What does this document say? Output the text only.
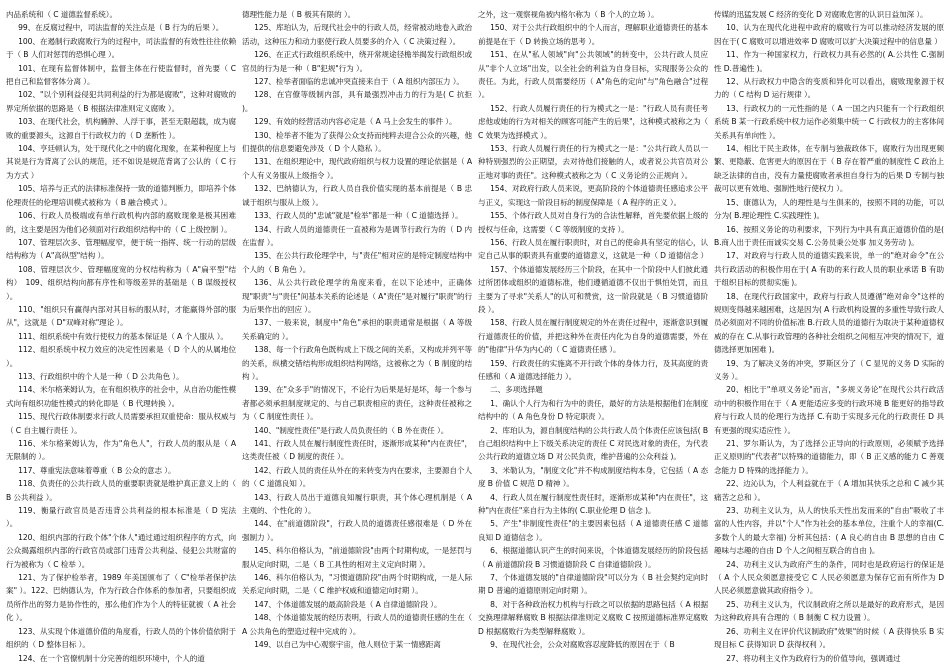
内品系统和（ C 道德监督系统）。

99、在反腐过程中，司法监督的关注点是（ B 行为的后果 ）。

100、在遏制行政腐败行为的过程中，司法监督的有效性往往依赖于（ B 人们对惩罚的恐惧心理 ）。

101、在现有监督体制中，监督主体在行使监督时，首先要（ C 把自己和监督客体分离 ）。

102、"以个别利益侵犯共同利益的行为都是腐败"，这种对腐败的界定所依据的思路是（ B 根据法律准则定义腐败 ）。

103、在现代社会，机构臃肿、人浮于事，甚至无限超载，成为腐败的重要源头，这源自于行政权力的（ D 垄断性 ）。

104、亨廷顿认为，处于现代化之中的腐化现象，在某种程度上与其说是行为背离了公认的规范，还不如说是规范背离了公认的（ C 行为方式 ）

105、培养与正式的法律标准保持一致的道德判断力，即培养个体伦理责任的伦理培训模式被称为（ B 融合模式 ）。

106、行政人员极端或有单行政机构内部的腐败现象是极其困难的，这主要是因为他们必须面对行政组织结构中的（ C 上级控制 ）。

107、管理层次多、管理幅度窄，便于统一指挥、统一行动的层级结构称为（ A"高纵型"结构 ）。

108、管理层次少、管理幅度宽的分权结构称为（ A"扁平型"结构）　109、组织结构向都有序性和等级差异的基础是（ B 谋级授权 ）。

110、"组织只有赢得内部对其目标的服从时，才能赢得外部的服从"，这就是（ D"双峰对称"理论 ）。

111、组织系统中有效行使权力的基本保证是（ A 个人服从 ）。

112、组织系统中权力效应的决定性因素是（ D 个人的从属地位 ）。

113、行政组织中的个人是一种（ D 公共角色 ）。

114、米尔格莱姆认为，在有组织秩序的社会中，从自治功能性模式向有组织功能性模式的转化即是（ B 代理转换 ）。

115、现代行政体制要求行政人员需要承担双重使命：服从权威与（ C 自主履行责任 ）。

116、米尔格莱姆认为，作为"角色人"，行政人员的服从是（ A 无限制的 ）。

117、尊重宪法意味着尊重（ B 公众的意志 ）。

118、负责任的公共行政人员的重要职责就是维护真正意义上的（ B 公共利益 ）。

119、衡量行政官员是否违背公共利益的根本标准是（ D 宪法 ）。

120、组织内部的行政个体"个体人"通过通过组织程序的方式，向公众揭露组织内部的行政官员或部门违背公共利益、侵犯公共财富的行为被称为（ C 检举 ）。

121、为了保护检举者，1989 年美国颁布了（ C"检举者保护法案" ）。122、巴纳德认为，作为行政合作体系的参加者，只要组织成员所作出的努力是协作性的，那么他们作为个人的特征就被（ A 社会化 ）。

123、从实现个体道德价值的角度看，行政人员的个体价值依附于组织的（ D 整体目标 ）。

124、在一个官僚机制十分完善的组织环境中，个人的道

德理性能力是（ B 极其有限的 ）。

125、库珀认为，后现代社会中的行政人员，经常被动地卷入政治活动，这种压力和动力驱使行政人员要多的介入（ C 决策过程 ）。

126、在正式行政组织系统中，绕开常规途径檐举揭发行政组织或官员的行为是一种（ B"犯规"行为 ）。

127、检举者面临的忠诚冲突直接来自于（ A 组织内部压力 ）。

128、在官僚等级制内部，具有最强烈冲击力的行为是( C 抗拒 )。

129、有效的经营活动内容必定是（ A 马上会发生的事件 ）。

130、检举者不能为了获得公众支持而纯粹去迎合公众的兴趣，他们提供的信息要避免涉及（ D 个人隐私 ）。

131、在组织理论中，现代政府组织与权力设置的理论依据是（ A 个人有义务服从上级指令 ）。

132、巴纳德认为，行政人员自我价值实现的基本前提是（ B 忠诚于组织与服从上级 ）。

133、行政人员的"忠诚"就是"检举"都是一种（ C 道德选择 ）。

134、行政人员的道德责任一直被称为是调节行政行为的（ D 内在监督 ）。

135、在公共行政伦理学中，与"责任"相对应的是特定制度结构中个人的（ B 角色 ）。

136、从公共行政伦理学的角度来看，在以下论述中，正确体现"职责"与"责任"间基本关系的论述是（ A"责任"是对履行"职责"的行为后果作出的回应 ）。

137、一般来说，制度中"角色"承担的职责通常是根据（ A 等级关系确定的 ）。

138、每一个行政角色既构成上下级之间的关系，又构成并列平等的关系，纵横交错结构形成组织结构网络，这被称之为（ B 制度的结构 ）。

139、在"众多手"的情况下，不论行为后果是好是坏，每一个参与者都必须承担制度规定的、与自己职责相应的责任，这种责任被称之为（ C 制度性责任 ）。

140、"制度性责任"是行政人员负责任的（ B 外在责任 ）。

141、行政人员在履行制度性责任时，逐渐形成某种"内在责任"，这类责任被（ D 制度的责任 ）。

142、行政人员的责任从外在的来转变为内在要求，主要源自个人的（ C 道德良知 ）。

143、行政人员出于道德良知履行职责，其个体心理机制是（ A 主观的、个性化的 ）。

144、在"前道德阶段"，行政人员的道德责任感很难是（ D 外在强制力 ）。

145、科尔伯格认为，"前道德阶段"由两个时期构成，一是惩罚与服从定向时期，二是（ B 工具性的相对主义定向时期 ）。

146、科尔伯格认为，"习惯道德阶段"由两个时期构成，一是人际关系定向时期，二是（ C 维护权威和道德定向时期 ）。

147、个体道德发展的最高阶段是（ A 自律道德阶段 ）。

148、个体道德发展的经历表明，行政人员的道德责任感的生在（ A 公共角色的塑造过程中完成的 ）。

149、以自己为中心观察宇宙，他人则位于某一情感距离

之外，这一观察视角被内格尔称为（ B 个人的立场 ）。

150、对于公共行政组织中的个人而言，理解职业道德责任的基本前提是在于（ D 转换立场的思考 ）。

151、在从"私人领域"向"公共领域"的转变中，公共行政人员应从"非个人立场"出发，以全社会的利益为自身目标，实现服务公众的责任。为此，行政人员需要经历（ A"角色的定向"与"角色融合"过程 ）。

152、行政人员履行责任的行为模式之一是："行政人员有责任考虑他或她的行为对相关的顾客可能产生的后果"，这种模式被称之为（ C 效果为选择模式 ）。

153、行政人员履行责任的行为模式之一是："公共行政人员以一种特别强烈的公正期望，去对待他们接触的人，或者说公共官员对公正地对事的责任"。这种模式被称之为（ C 义务论的公正规向 ）。

154、对政府行政人员来说，更高阶段的个体道德责任感追求公平与正义，实现这一阶段目标的制度保障是（ A 程序的正义 ）。

155、个体行政人员对自身行为的合法性解释，首先要依据上级的授权与任命，这需要（ C 等级制度的支持 ）。

156、行政人员在履行职责时，对自己的使命具有坚定的信心，认定自己从事的职责具有重要的道德意义，这就是一种（ D 道德信念 ）

157、个体道德发展经历三个阶段，在其中一个阶段中人们彼此通过所团体或组织的道德标准，他们遵循道德不仅出于惧怕处罚，而且主要为了寻求"关系人"的认可和赞赏，这一阶段就是（ B 习惯道德阶段 ）。

158、行政人员在履行制度规定的外在责任过程中，逐渐意识到履行道德责任的价值，并把这种外在责任内化为自身的道德需要，外在的"他律"升华为内心的（ C 道德责任感 ）。

159、行政责任的实施离不开行政个体的身体力行，及其高度的责任感和（ A 道德选择能力 ）。

二、多项选择题

1、确认个人行为和行为中的责任，最好的方法是根据他们在制度结构中的（ A 角色身份 D 特定职责 ）。

2、库珀认为，源自制度结构的公共行政人员个体责任应该包括( B 自己组织结构中上下级关系决定的责任 C 对民选对象的责任，为代表公共行政的道德立场 D 对公民负责，维护普遍的公众利益 )。

3、米勒认为，"制度文化"并不构成制度结构本身，它包括（ A 态度 B 价值 C 规范 D 精神 ）。

4、行政人员在履行制度性责任时，逐渐形成某种"内在责任"，这种"内在责任"来自行为主体的( C.职业伦理 D 信念 )。

5、产生"非制度性责任"的主要因素包括（ A 道德责任感 C 道德良知 D 道德信念 ）。

6、根据道德认识产生的时间来说，个体道德发展经历的阶段包括（ A 前道德阶段 B 习惯道德阶段 C 自律道德阶段 ）。

7、个体道德发展的"自律道德阶段"可以分为（ B 社会契约定向时期 D 普遍的道德原则定向时期 ）。

8、对于各种政治权力机构与行政之可以依据的思路包括（ A 根据交换理律解释腐败 B 根据法律准则定义腐败 C 按照道德标准界定腐败 D 根据腐败行为类型解释腐败 ）。

9、在现代社会，公众对腐败容忍度降低的原因在于（ B

传媒的迅猛发展 C 经济的变化 D 对腐败危害的认识日益加深 ）。

10、认为在现代化进程中政府的腐败行为可以推动经济发展的原因在于( C 腐败可以增进效率 D 腐败可以扩大决策过程中的信息量 ）

11、作为一种国家权力，行政权力具有必然的( A.公共性 C.强制性 D.普遍性 )。

12、从行政权力中隐含的变质和异化可以看出，腐败现象源于权力的（ C 结构 D 运行规律 ）。

13、行政权力的一元性指的是（ A 一国之内只能有一个行政组织系统 B 某一行政系统中权力运作必须集中统一 C 行政权力的主客体间关系具有单向性 ）。

14、相比于民主政体，在专制与独裁政体下，腐败行为出现更频繁、更隐蔽、危害更大的原因在于（ B 存在着严重的制度性 C 政治上缺乏法律的自由，没有力量使腐败者承担自身行为的后果 D 专制与独裁可以更有效地、强制性地行使权力 ）。

15、康德认为，人的理性是与生俱来的，按照不同的功能，可以分为( B.理论理性 C.实践理性 )。

16、按照义务论的功利要求，下列行为中具有真正道德价值的是( B.商人出于责任而诚实交易 C.公务员秉公处事 加义务劳动 )。

17、对政府与行政人员的道德实践来说，单一的"绝对命令"在公共行政活动的积极作用在于( A 有助的来行政人员的职业承诺 B 有助于组织目标的贯彻实施 )。

18、在现代行政国家中，政府与行政人员遵循"绝对命令"这样的规则变得越来越困难，这是因为( A 行政机构设置的多重性导致行政人员必须面对不同的价值标准 B.行政人员的道德行为取决于某种道德权威的存在 C.从事行政管理的各种社会组织之间相互冲突的情况下，道德选择更加困难 )。

19、为了解决义务的冲突，罗斯区分了（ C 显见的义务 D 实际的义务 ）。

20、相比于"单项义务论"而言，"多规义务论"在现代公共行政活动中的积极作用在于（ A 更能适应多变的行政环境 B 能更好的指导政府与行政人员的伦理行为选择 C.有助于实现多元化的行政责任 D 具有更强的现实适应性 ）。

21、罗尔斯认为，为了选择公正导向的行政原则，必须赋予选择正义原则的"代表者"以特殊的道德能力，即（ B 正义感的能力 C 善观念能力 D 特殊的选择能力 ）。

22、边沁认为，个人利益就在于（ A 增加其快乐之总和 C 减少其痛苦之总和 ）。

23、功利主义认为，从人的快乐天性出发而来的"自由"吸收了丰富的人性内容，并以"个人"作为社会的基本单位，注重个人的幸福(C.多数个人的最大幸福) 分析其包括：( A 良心的自由 B 思想的自由 C 趣味与志趣的自由 D 个人之间相互联合的自由 )。

24、功利主义认为政府产生的条件，同时也是政府运行的保证是（ A 个人民众须愿意接受它 C 人民必须愿意为保存它而有所作为 D 人民必须愿意做其政府指令 ）。

25、功利主义认为，代议制政府之所以是最好的政府形式，是因为这种政府具有合理的（ B 制衡 C 权力设置 ）。

26、功利主义在评价代议制政府"效果"的时候（ A 获得快乐 B 实现目标 C 获得知识 D 获得权利 ）。

27、将功利主义作为政府行为的价值导向，强调通过
